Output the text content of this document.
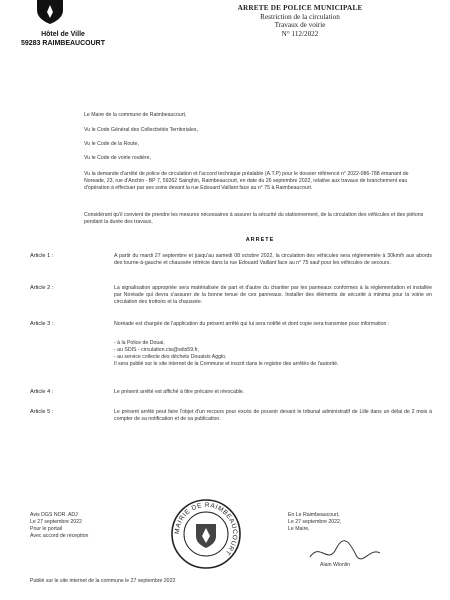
Hôtel de Ville
59283 RAIMBEAUCOURT
ARRETE DE POLICE MUNICIPALE
Restriction de la circulation
Travaux de voirie
N° 112/2022
Le Maire de la commune de Raimbeaucourt,
Vu le Code Général des Collectivités Territoriales,
Vu le Code de la Route,
Vu le Code de voirie routière,
Vu la demande d'arrêté de police de circulation et l'accord technique préalable (A.T.P) pour le dossier référencé n° 2022-086-788 émanant de Noreade, 23, rue d'Anchin - BP 7, 59262 Sainghin, Raimbeaucourt, en date du 26 septembre 2022, relative aux travaux de branchement eau d'opération à effectuer par ses soins devant la rue Edouard Vaillant face au n° 75 à Raimbeaucourt.
Considérant qu'il convient de prendre les mesures nécessaires à assurer la sécurité du stationnement, de la circulation des véhicules et des piétons pendant la durée des travaux,
ARRETE
Article 1 :	A partir du mardi 27 septembre et jusqu'au samedi 08 octobre 2022, la circulation des véhicules sera réglementée à 30km/h aux abords des tourne-à-gauche et chaussée rétrécie dans la rue Edouard Vaillant face au n° 75 sauf pour les véhicules de secours.
Article 2 :	La signalisation appropriée sera matérialisée de part et d'autre du chantier par les panneaux conformes à la réglementation et installée par Noréade qui devra s'assurer de la bonne tenue de ces panneaux. Installer des éléments de sécurité à minima pour la voirie en circulation des trottoirs et la chaussée.
Article 3 :	Noréade est chargée de l'application du présent arrêté qui lui sera notifié et dont copie sera transmise pour information :

- à la Police de Douai,

- au SDIS - circulation.cta@sdis59.fr,

- au service collecte des déchets Douaisis Agglo.

Il sera publié sur le site internet de la Commune et inscrit dans le registre des arrêtés de l'autorité.

Article 4 :	Le présent arrêté est affiché à titre précaire et révocable.
Article 5 :	Le présent arrêté peut faire l'objet d'un recours pour excès de pouvoir devant le tribunal administratif de Lille dans un délai de 2 mois à compter de sa notification et de sa publication.

Avis DGS NOR. ADJ

Le 27 septembre 2022

Pour le portail

Avec accord de réception

MAIRIE DE RAIMBEAUCOURT

En Le Raimbeaucourt,

Le 27 septembre 2022,

Le Maire,

Alain Wionlin
Publié sur le site internet de la commune le 27 septembre 2022
